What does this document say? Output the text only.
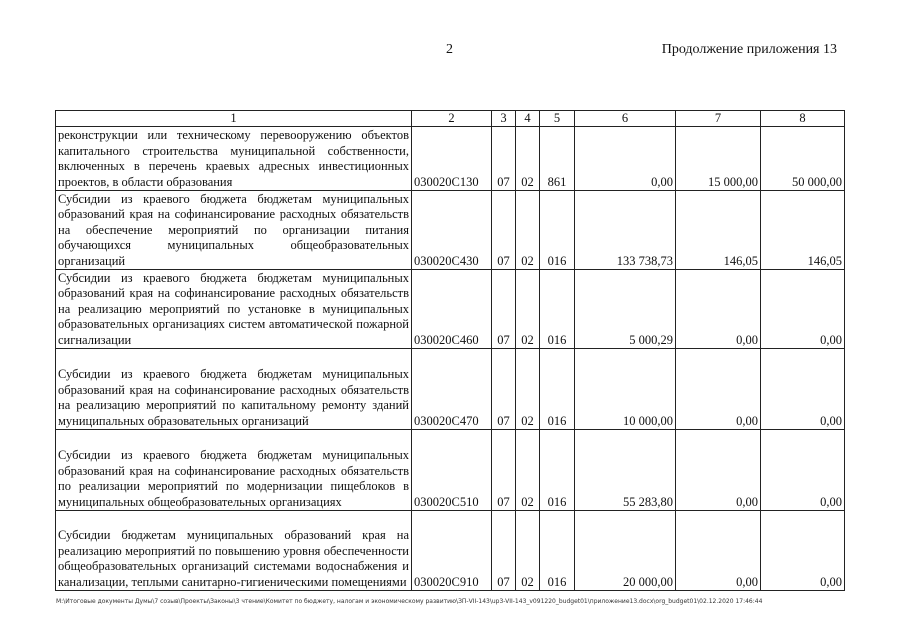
2	Продолжение приложения 13
1	2	3	4	5	6	7	8
реконструкции или техническому перевооружению объектов капитального строительства муниципальной собственности, включенных в перечень краевых адресных инвестиционных проектов, в области образования	030020С130	07	02	861	0,00	15 000,00	50 000,00
Субсидии из краевого бюджета бюджетам муниципальных образований края на софинансирование расходных обязательств на обеспечение мероприятий по организации питания обучающихся муниципальных общеобразовательных организаций	030020С430	07	02	016	133 738,73	146,05	146,05
Субсидии из краевого бюджета бюджетам муниципальных образований края на софинансирование расходных обязательств на реализацию мероприятий по установке в муниципальных образовательных организациях систем автоматической пожарной сигнализации	030020С460	07	02	016	5 000,29	0,00	0,00
Субсидии из краевого бюджета бюджетам муниципальных образований края на софинансирование расходных обязательств на реализацию мероприятий по капитальному ремонту зданий муниципальных образовательных организаций	030020С470	07	02	016	10 000,00	0,00	0,00
Субсидии из краевого бюджета бюджетам муниципальных образований края на софинансирование расходных обязательств по реализации мероприятий по модернизации пищеблоков в муниципальных общеобразовательных организациях	030020С510	07	02	016	55 283,80	0,00	0,00
Субсидии бюджетам муниципальных образований края на реализацию мероприятий по повышению уровня обеспеченности общеобразовательных организаций системами водоснабжения и канализации, теплыми санитарно-гигиеническими помещениями	030020С910	07	02	016	20 000,00	0,00	0,00
M:\Итоговые документы Думы\7 созыв\Проекты\Законы\3 чтение\Комитет по бюджету, налогам и экономическому развитию\ЗП-VII-143\up3-VII-143_v091220_budget01\приложение13.docx\org_budget01\02.12.2020 17:46:44
